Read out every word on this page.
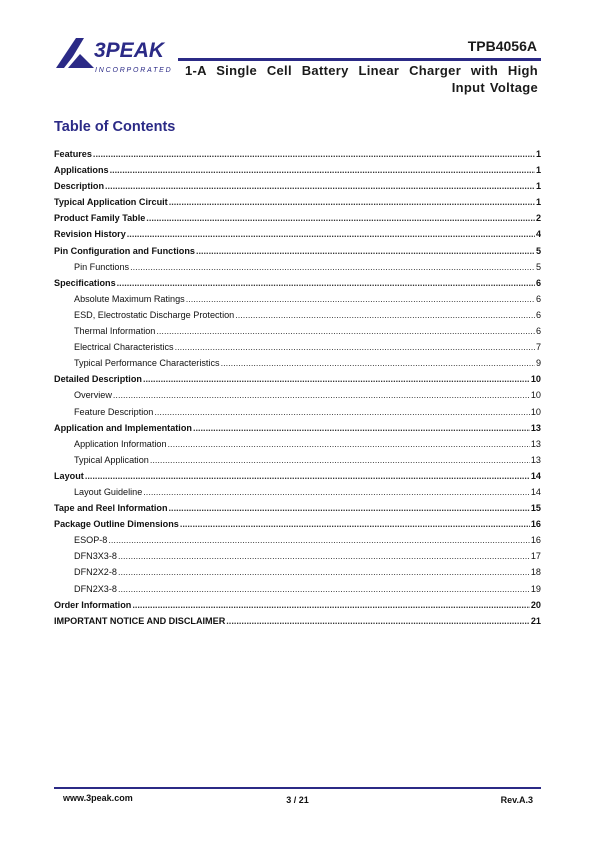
3PEAK
INCORPORATED

TPB4056A

1-A Single Cell Battery Linear Charger with High Input Voltage

Table of Contents
Features .....	1
Applications .....	1
Description .....	1
Typical Application Circuit .....	1
Product Family Table .....	2
Revision History .....	4
Pin Configuration and Functions .....	5
Pin Functions .....	5
Specifications .....	6
Absolute Maximum Ratings .....	6
ESD, Electrostatic Discharge Protection .....	6
Thermal Information .....	6
Electrical Characteristics .....	7
Typical Performance Characteristics .....	9
Detailed Description .....	10
Overview .....	10
Feature Description .....	10
Application and Implementation .....	13
Application Information .....	13
Typical Application .....	13
Layout .....	14
Layout Guideline .....	14
Tape and Reel Information .....	15
Package Outline Dimensions .....	16
ESOP-8 .....	16
DFN3X3-8 .....	17
DFN2X2-8 .....	18
DFN2X3-8 .....	19
Order Information .....	20
IMPORTANT NOTICE AND DISCLAIMER .....	21

www.3peak.com	3 / 21	Rev.A.3
